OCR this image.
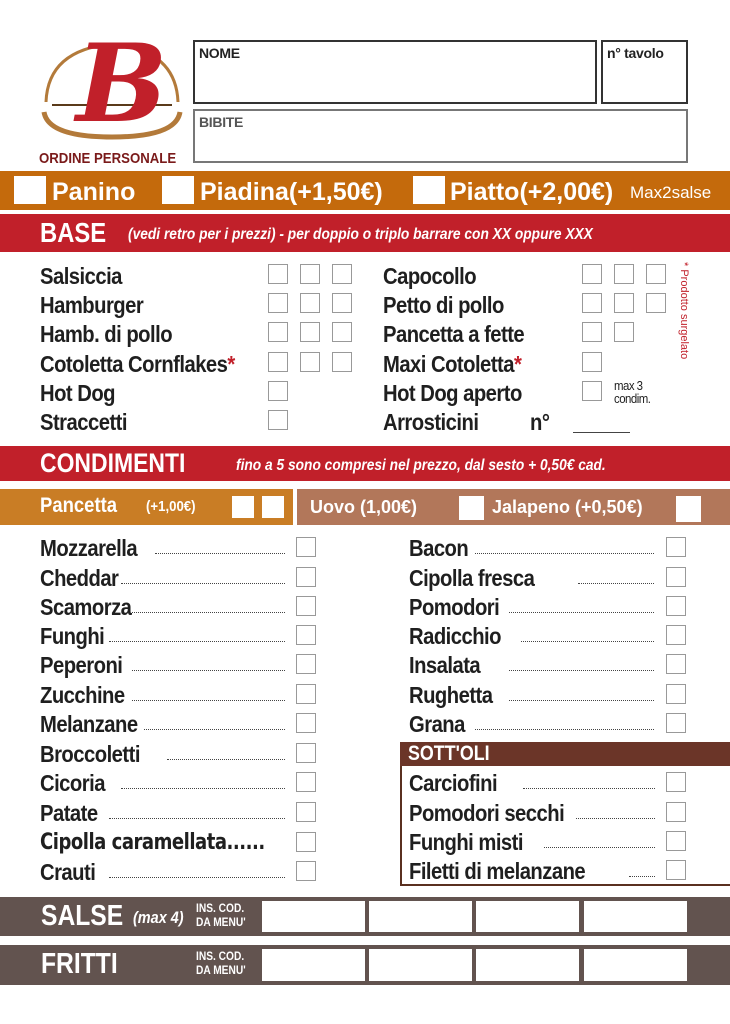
B
ORDINE PERSONALE
NOME	n° tavolo
BIBITE
Panino	Piadina(+1,50€)	Piatto(+2,00€) Max2salse
BASE (vedi retro per i prezzi) - per doppio o triplo barrare con XX oppure XXX
Salsiccia
Hamburger
Hamb. di pollo
Cotoletta Cornflakes*
Hot Dog
Straccetti
Capocollo
Petto di pollo
Pancetta a fette
Maxi Cotoletta*
Hot Dog aperto	max 3 condim.
Arrosticini n°
* Prodotto surgelato
CONDIMENTI	fino a 5 sono compresi nel prezzo, dal sesto + 0,50€ cad.
Pancetta (+1,00€)	Uovo (1,00€)	Jalapeno (+0,50€)
Mozzarella
Cheddar
Scamorza
Funghi
Peperoni
Zucchine
Melanzane
Broccoletti
Cicoria
Patate
Cipolla caramellata......
Crauti
Bacon
Cipolla fresca
Pomodori
Radicchio
Insalata
Rughetta
Grana
Carciofini
Pomodori secchi
Funghi misti
Filetti di melanzane
SOTT'OLI
SALSE (max 4) INS. COD.
DA MENU'
FRITTI	INS. COD.
DA MENU'
